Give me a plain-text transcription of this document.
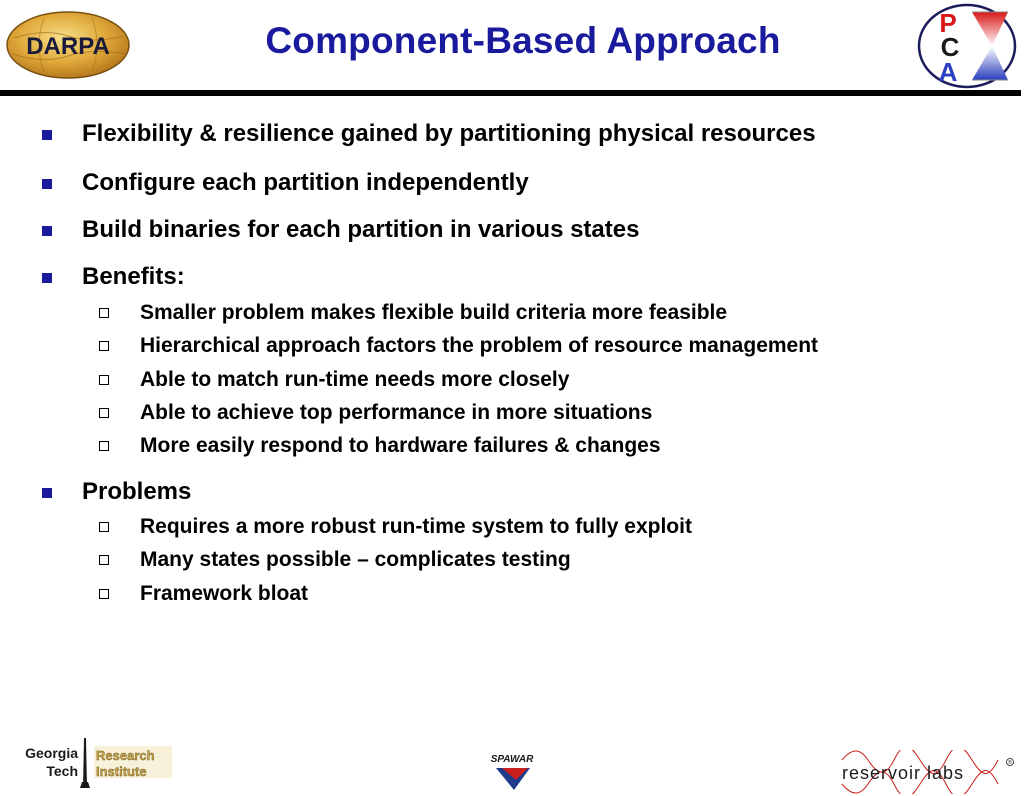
DARPA	Component-Based Approach	P
C
A
Flexibility & resilience gained by partitioning physical resources
Configure each partition independently
Build binaries for each partition in various states
Benefits:
Smaller problem makes flexible build criteria more feasible
Hierarchical approach factors the problem of resource management
Able to match run-time needs more closely
Able to achieve top performance in more situations
More easily respond to hardware failures & changes
Problems
Requires a more robust run-time system to fully exploit
Many states possible – complicates testing
Framework bloat
Georgia
Tech
Research
Institute
SPAWAR
reservoir labs	®
